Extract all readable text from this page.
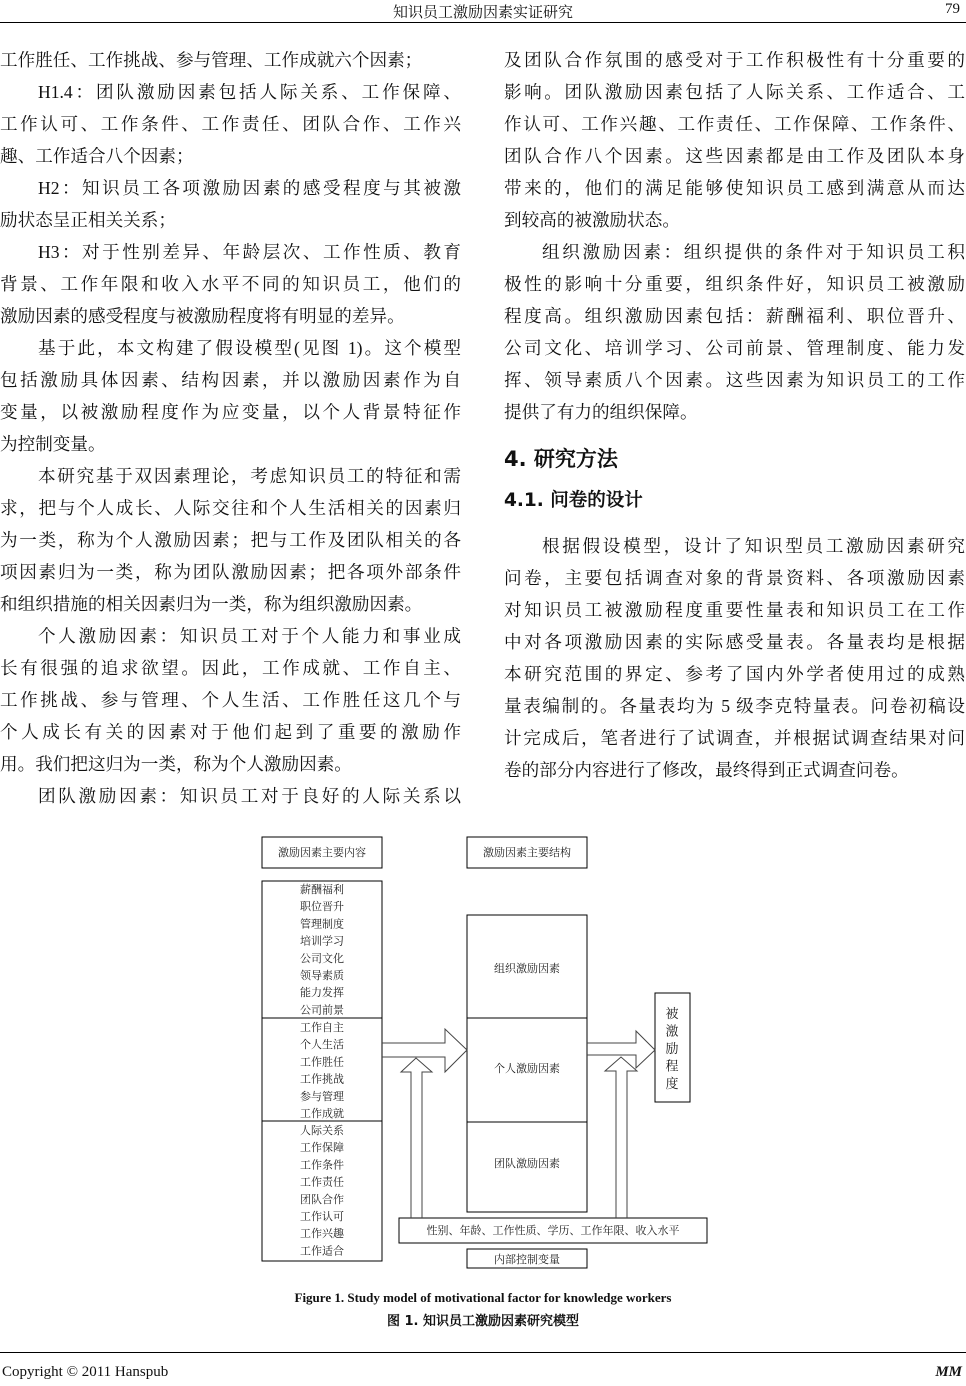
知识员工激励因素实证研究	79
工作胜任、工作挑战、参与管理、工作成就六个因素；
H1.4：团队激励因素包括人际关系、工作保障、
工作认可、工作条件、工作责任、团队合作、工作兴
趣、工作适合八个因素；
H2：知识员工各项激励因素的感受程度与其被激
励状态呈正相关关系；
H3：对于性别差异、年龄层次、工作性质、教育
背景、工作年限和收入水平不同的知识员工，他们的
激励因素的感受程度与被激励程度将有明显的差异。
基于此，本文构建了假设模型(见图 1)。这个模型
包括激励具体因素、结构因素，并以激励因素作为自
变量，以被激励程度作为应变量，以个人背景特征作
为控制变量。
本研究基于双因素理论，考虑知识员工的特征和需
求，把与个人成长、人际交往和个人生活相关的因素归
为一类，称为个人激励因素；把与工作及团队相关的各
项因素归为一类，称为团队激励因素；把各项外部条件
和组织措施的相关因素归为一类，称为组织激励因素。
个人激励因素：知识员工对于个人能力和事业成
长有很强的追求欲望。因此，工作成就、工作自主、
工作挑战、参与管理、个人生活、工作胜任这几个与
个人成长有关的因素对于他们起到了重要的激励作
用。我们把这归为一类，称为个人激励因素。
团队激励因素：知识员工对于良好的人际关系以
及团队合作氛围的感受对于工作积极性有十分重要的
影响。团队激励因素包括了人际关系、工作适合、工
作认可、工作兴趣、工作责任、工作保障、工作条件、
团队合作八个因素。这些因素都是由工作及团队本身
带来的，他们的满足能够使知识员工感到满意从而达
到较高的被激励状态。
组织激励因素：组织提供的条件对于知识员工积
极性的影响十分重要，组织条件好，知识员工被激励
程度高。组织激励因素包括：薪酬福利、职位晋升、
公司文化、培训学习、公司前景、管理制度、能力发
挥、领导素质八个因素。这些因素为知识员工的工作
提供了有力的组织保障。
4. 研究方法
4.1. 问卷的设计
根据假设模型，设计了知识型员工激励因素研究
问卷，主要包括调查对象的背景资料、各项激励因素
对知识员工被激励程度重要性量表和知识员工在工作
中对各项激励因素的实际感受量表。各量表均是根据
本研究范围的界定、参考了国内外学者使用过的成熟
量表编制的。各量表均为 5 级李克特量表。问卷初稿设
计完成后，笔者进行了试调查，并根据试调查结果对问
卷的部分内容进行了修改，最终得到正式调查问卷。
激励因素主要内容	激励因素主要结构
薪酬福利
职位晋升
管理制度
培训学习
公司文化
领导素质
能力发挥
公司前景
工作自主
个人生活
工作胜任
工作挑战
参与管理
工作成就
人际关系
工作保障
工作条件
工作责任
团队合作
工作认可
工作兴趣
工作适合
组织激励因素
个人激励因素
团队激励因素
被
激
励
程
度
性别、年龄、工作性质、学历、工作年限、收入水平
内部控制变量
Figure 1. Study model of motivational factor for knowledge workers
图 1. 知识员工激励因素研究模型
Copyright © 2011 Hanspub	MM
